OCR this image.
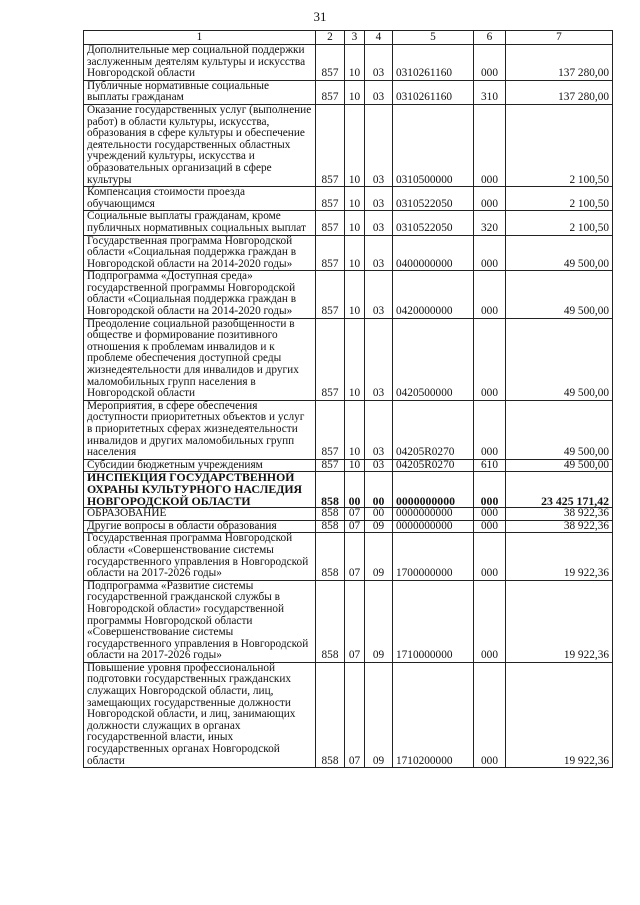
31
1	2	3	4	5	6	7
Дополнительные мер социальной поддержки заслуженным деятелям культуры и искусства Новгородской области	857	10	03	0310261160	000	137 280,00
Публичные нормативные социальные выплаты гражданам	857	10	03	0310261160	310	137 280,00
Оказание государственных услуг (выполнение работ) в области культуры, искусства, образования в сфере культуры и обеспечение деятельности государственных областных учреждений культуры, искусства и образовательных организаций в сфере культуры	857	10	03	0310500000	000	2 100,50
Компенсация стоимости проезда обучающимся	857	10	03	0310522050	000	2 100,50
Социальные выплаты гражданам, кроме публичных нормативных социальных выплат	857	10	03	0310522050	320	2 100,50
Государственная программа Новгородской области «Социальная поддержка граждан в Новгородской области на 2014-2020 годы»	857	10	03	0400000000	000	49 500,00
Подпрограмма «Доступная среда» государственной программы Новгородской области «Социальная поддержка граждан в Новгородской области на 2014-2020 годы»	857	10	03	0420000000	000	49 500,00
Преодоление социальной разобщенности в обществе и формирование позитивного отношения к проблемам инвалидов и к проблеме обеспечения доступной среды жизнедеятельности для инвалидов и других маломобильных групп населения в Новгородской области	857	10	03	0420500000	000	49 500,00
Мероприятия, в сфере обеспечения доступности приоритетных объектов и услуг в приоритетных сферах жизнедеятельности инвалидов и других маломобильных групп населения	857	10	03	04205R0270	000	49 500,00
Субсидии бюджетным учреждениям	857	10	03	04205R0270	610	49 500,00
ИНСПЕКЦИЯ ГОСУДАРСТВЕННОЙ ОХРАНЫ КУЛЬТУРНОГО НАСЛЕДИЯ НОВГОРОДСКОЙ ОБЛАСТИ	858	00	00	0000000000	000	23 425 171,42
ОБРАЗОВАНИЕ	858	07	00	0000000000	000	38 922,36
Другие вопросы в области образования	858	07	09	0000000000	000	38 922,36
Государственная программа Новгородской области «Совершенствование системы государственного управления в Новгородской области на 2017-2026 годы»	858	07	09	1700000000	000	19 922,36
Подпрограмма «Развитие системы государственной гражданской службы в Новгородской области» государственной программы Новгородской области «Совершенствование системы государственного управления в Новгородской области на 2017-2026 годы»	858	07	09	1710000000	000	19 922,36
Повышение уровня профессиональной подготовки государственных гражданских служащих Новгородской области, лиц, замещающих государственные должности Новгородской области, и лиц, занимающих должности служащих в органах государственной власти, иных государственных органах Новгородской области	858	07	09	1710200000	000	19 922,36
